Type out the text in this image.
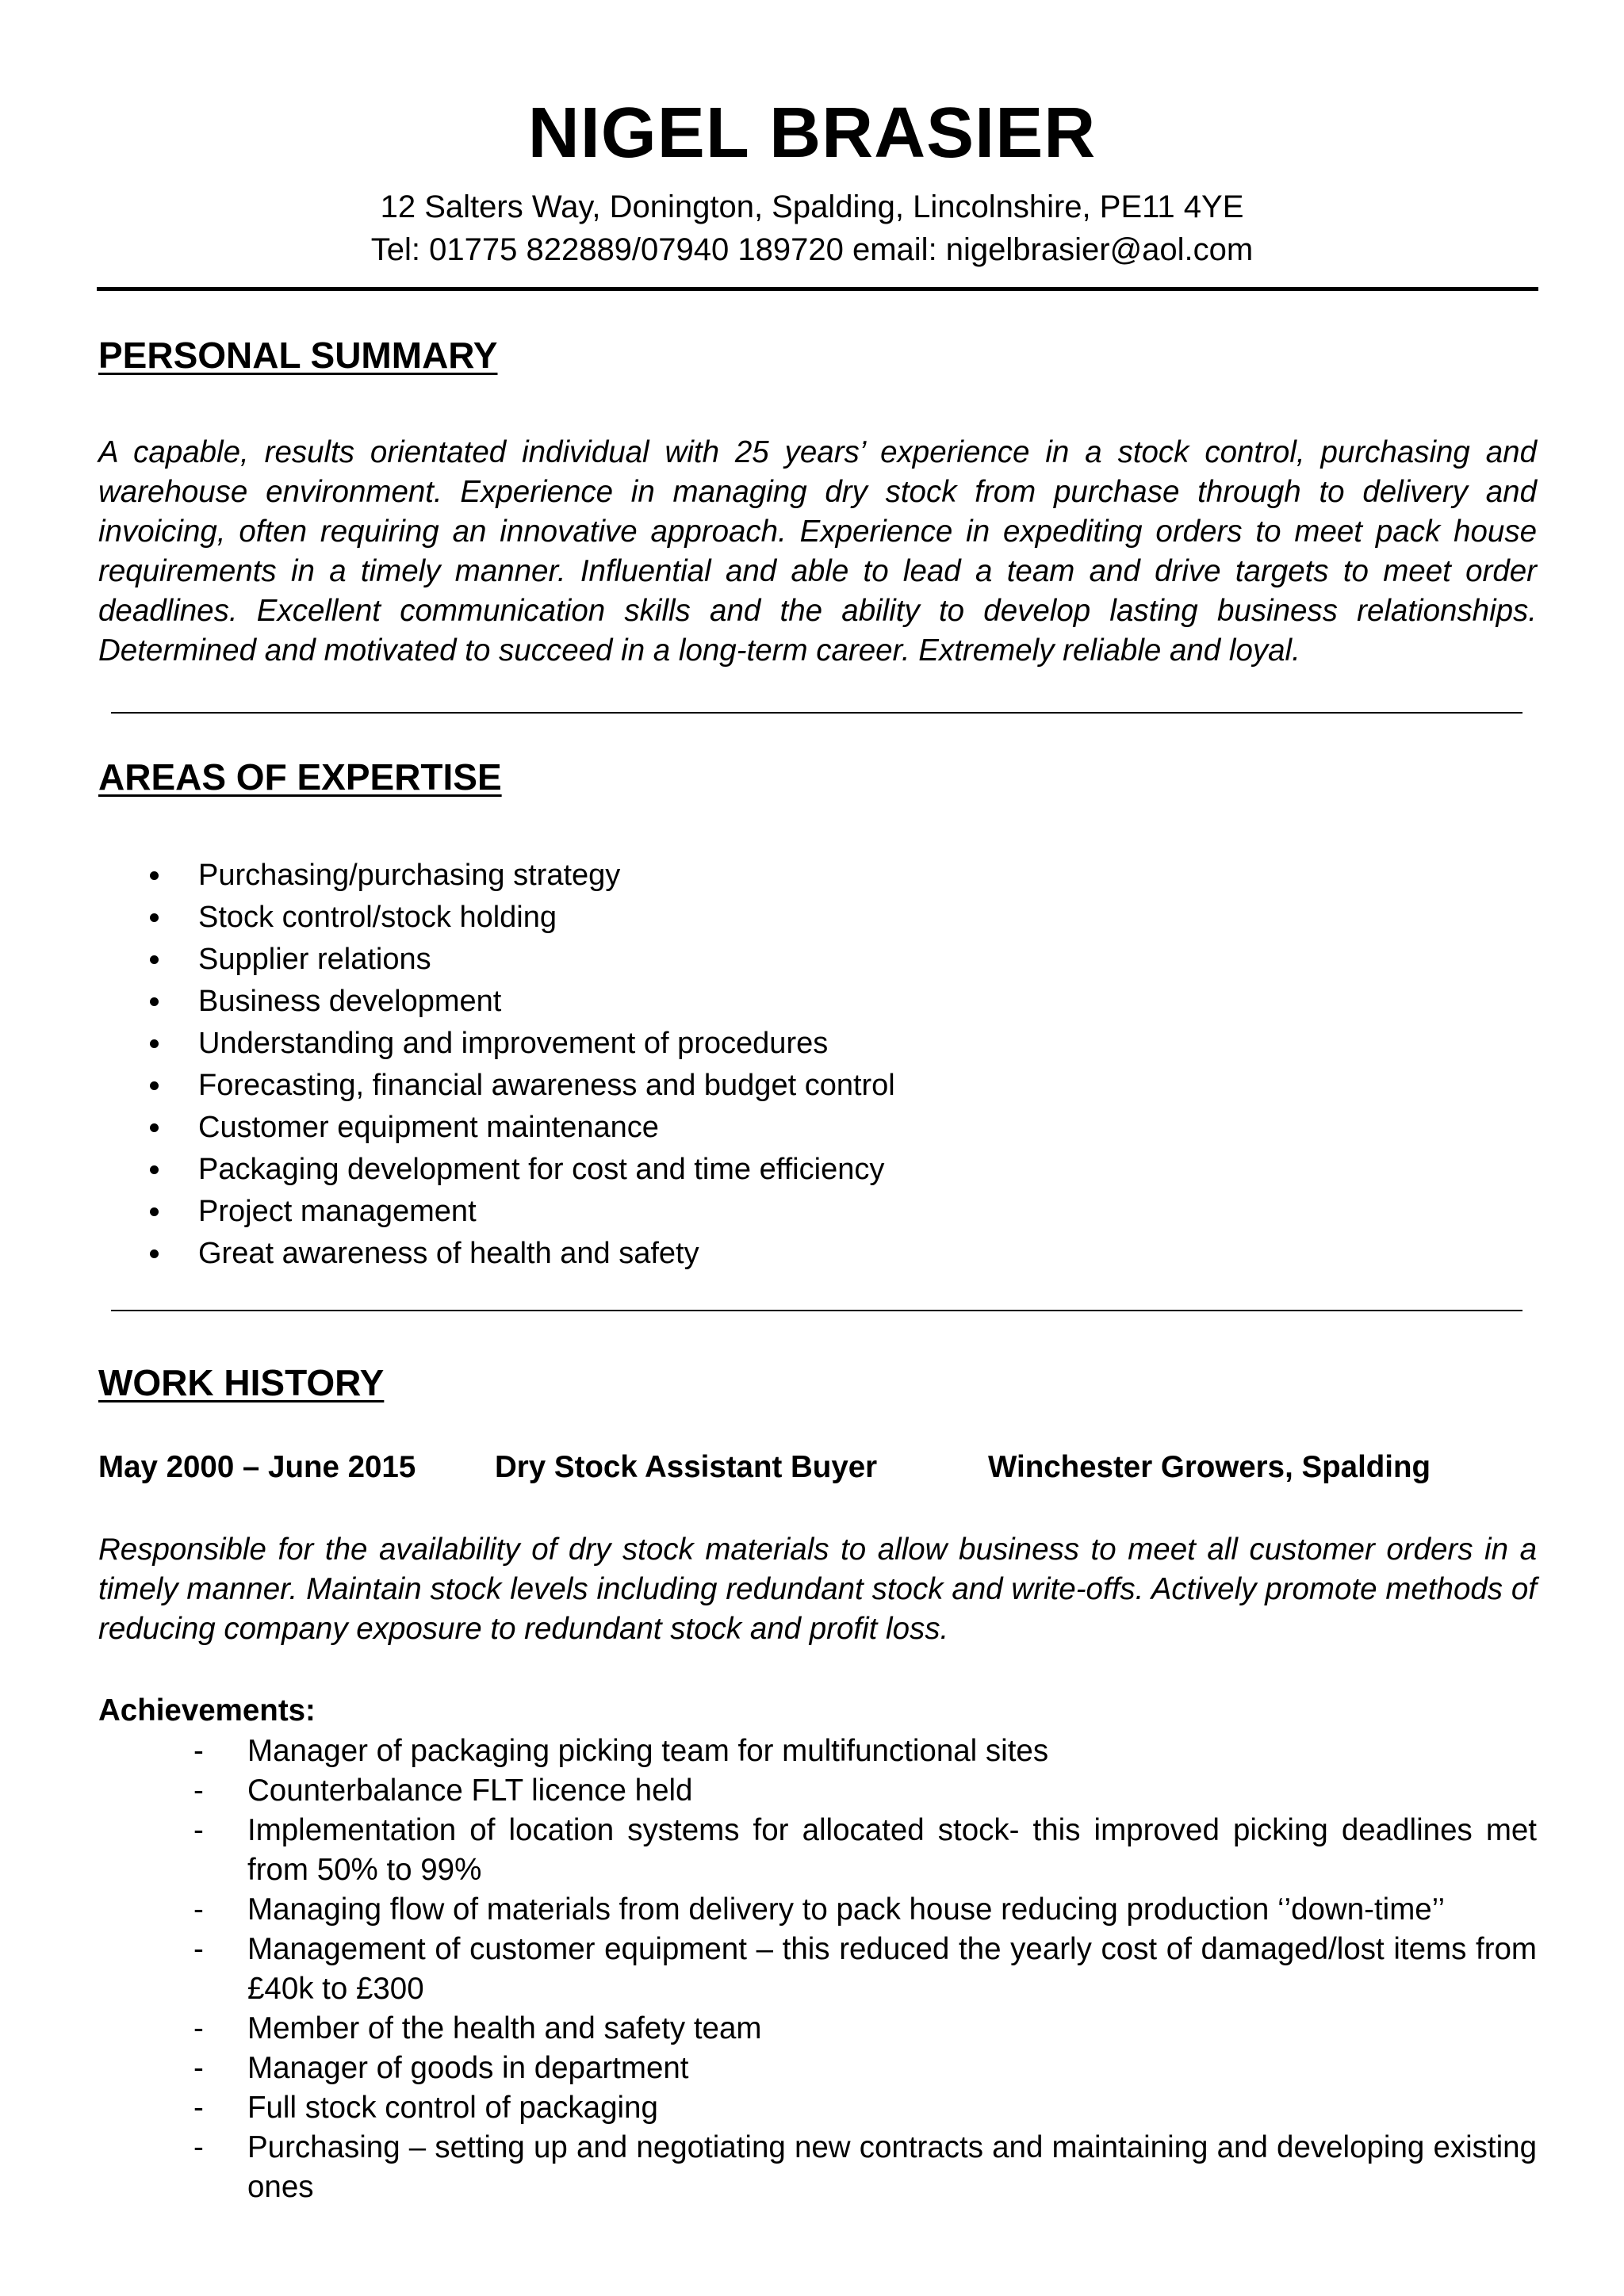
NIGEL BRASIER
12 Salters Way, Donington, Spalding, Lincolnshire, PE11 4YE
Tel: 01775 822889/07940 189720 email: nigelbrasier@aol.com
PERSONAL SUMMARY

A capable, results orientated individual with 25 years’ experience in a stock control, purchasing and warehouse environment. Experience in managing dry stock from purchase through to delivery and invoicing, often requiring an innovative approach. Experience in expediting orders to meet pack house requirements in a timely manner. Influential and able to lead a team and drive targets to meet order deadlines. Excellent communication skills and the ability to develop lasting business relationships. Determined and motivated to succeed in a long-term career. Extremely reliable and loyal.

AREAS OF EXPERTISE
Purchasing/purchasing strategy
Stock control/stock holding
Supplier relations
Business development
Understanding and improvement of procedures
Forecasting, financial awareness and budget control
Customer equipment maintenance
Packaging development for cost and time efficiency
Project management
Great awareness of health and safety
WORK HISTORY
May 2000 – June 2015	Dry Stock Assistant Buyer	Winchester Growers, Spalding

Responsible for the availability of dry stock materials to allow business to meet all customer orders in a timely manner. Maintain stock levels including redundant stock and write-offs. Actively promote methods of reducing company exposure to redundant stock and profit loss.

Achievements:
- Manager of packaging picking team for multifunctional sites
- Counterbalance FLT licence held
- Implementation of location systems for allocated stock- this improved picking deadlines met from 50% to 99%
- Managing flow of materials from delivery to pack house reducing production ‘’down-time’’
- Management of customer equipment – this reduced the yearly cost of damaged/lost items from £40k to £300
- Member of the health and safety team
- Manager of goods in department
- Full stock control of packaging
- Purchasing – setting up and negotiating new contracts and maintaining and developing existing ones
